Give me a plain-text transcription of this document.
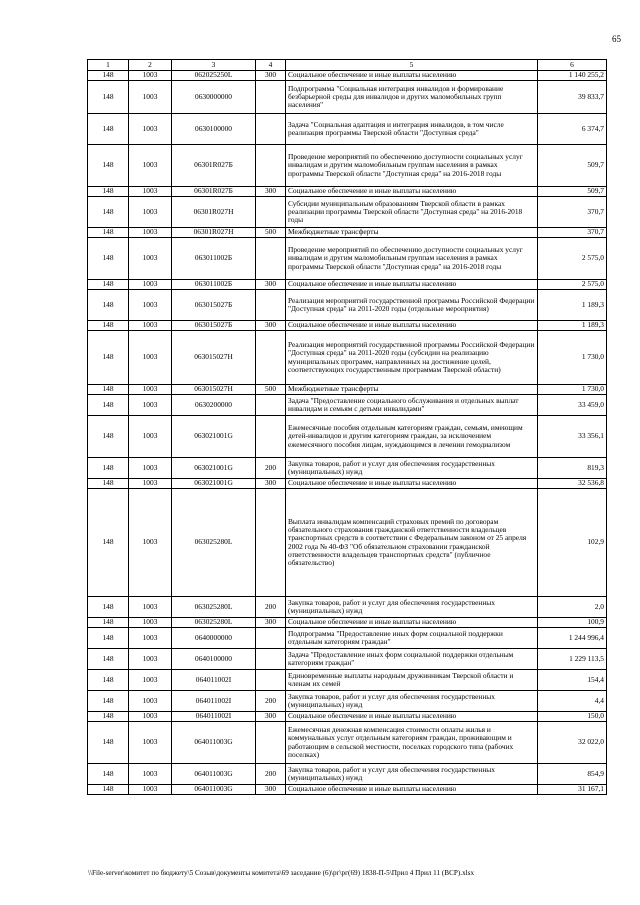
65
1	2	3	4	5	6
148	1003	062025250L	300	Социальное обеспечение и иные выплаты населению	1 140 255,2
148	1003	0630000000		Подпрограмма "Социальная интеграция инвалидов и формирование безбарьерной среды для инвалидов и других маломобильных групп населения"	39 833,7
148	1003	0630100000		Задача "Социальная адаптация и интеграция инвалидов, в том числе реализация программы Тверской области "Доступная среда"	6 374,7
148	1003	06301R027Б		Проведение мероприятий по обеспечению доступности социальных услуг инвалидам и другим маломобильным группам населения в рамках программы Тверской области "Доступная среда" на 2016-2018 годы	509,7
148	1003	06301R027Б	300	Социальное обеспечение и иные выплаты населению	509,7
148	1003	06301R027Н		Субсидии муниципальным образованиям Тверской области в рамках реализации программы Тверской области "Доступная среда" на 2016-2018 годы	370,7
148	1003	06301R027Н	500	Межбюджетные трансферты	370,7
148	1003	063011002Б		Проведение мероприятий по обеспечению доступности социальных услуг инвалидам и другим маломобильным группам населения в рамках программы Тверской области "Доступная среда" на 2016-2018 годы	2 575,0
148	1003	063011002Б	300	Социальное обеспечение и иные выплаты населению	2 575,0
148	1003	063015027Б		Реализация мероприятий государственной программы Российской Федерации "Доступная среда" на 2011-2020 годы (отдельные мероприятия)	1 189,3
148	1003	063015027Б	300	Социальное обеспечение и иные выплаты населению	1 189,3
148	1003	063015027Н		Реализация мероприятий государственной программы Российской Федерации "Доступная среда" на 2011-2020 годы (субсидии на реализацию муниципальных программ, направленных на достижение целей, соответствующих государственным программам Тверской области)	1 730,0
148	1003	063015027Н	500	Межбюджетные трансферты	1 730,0
148	1003	0630200000		Задача "Предоставление социального обслуживания и отдельных выплат инвалидам и семьям с детьми инвалидами"	33 459,0
148	1003	063021001G		Ежемесячные пособия отдельным категориям граждан, семьям, имеющим детей-инвалидов и другим категориям граждан, за исключением ежемесячного пособия лицам, нуждающимся в лечении гемодиализом	33 356,1
148	1003	063021001G	200	Закупка товаров, работ и услуг для обеспечения государственных (муниципальных) нужд	819,3
148	1003	063021001G	300	Социальное обеспечение и иные выплаты населению	32 536,8
148	1003	063025280L		Выплата инвалидам компенсаций страховых премий по договорам обязательного страхования гражданской ответственности владельцев транспортных средств в соответствии с Федеральным законом от 25 апреля 2002 года № 40-ФЗ "Об обязательном страховании гражданской ответственности владельцев транспортных средств" (публичное обязательство)	102,9
148	1003	063025280L	200	Закупка товаров, работ и услуг для обеспечения государственных (муниципальных) нужд	2,0
148	1003	063025280L	300	Социальное обеспечение и иные выплаты населению	100,9
148	1003	0640000000		Подпрограмма "Предоставление иных форм социальной поддержки отдельным категориям граждан"	1 244 996,4
148	1003	0640100000		Задача "Предоставление иных форм социальной поддержки отдельным категориям граждан"	1 229 113,5
148	1003	064011002I		Единовременные выплаты народным дружинникам Тверской области и членам их семей	154,4
148	1003	064011002I	200	Закупка товаров, работ и услуг для обеспечения государственных (муниципальных) нужд	4,4
148	1003	064011002I	300	Социальное обеспечение и иные выплаты населению	150,0
148	1003	064011003G		Ежемесячная денежная компенсация стоимости оплаты жилья и коммунальных услуг отдельным категориям граждан, проживающим и работающим в сельской местности, поселках городского типа (рабочих поселках)	32 022,0
148	1003	064011003G	200	Закупка товаров, работ и услуг для обеспечения государственных (муниципальных) нужд	854,9
148	1003	064011003G	300	Социальное обеспечение и иные выплаты населению	31 167,1
\\File-server\комитет по бюджету\5 Созыв\документы комитета\69 заседание (6)\рг\рг(69) 1838-П-5\Прил 4 Прил 11 (ВСР).xlsx
